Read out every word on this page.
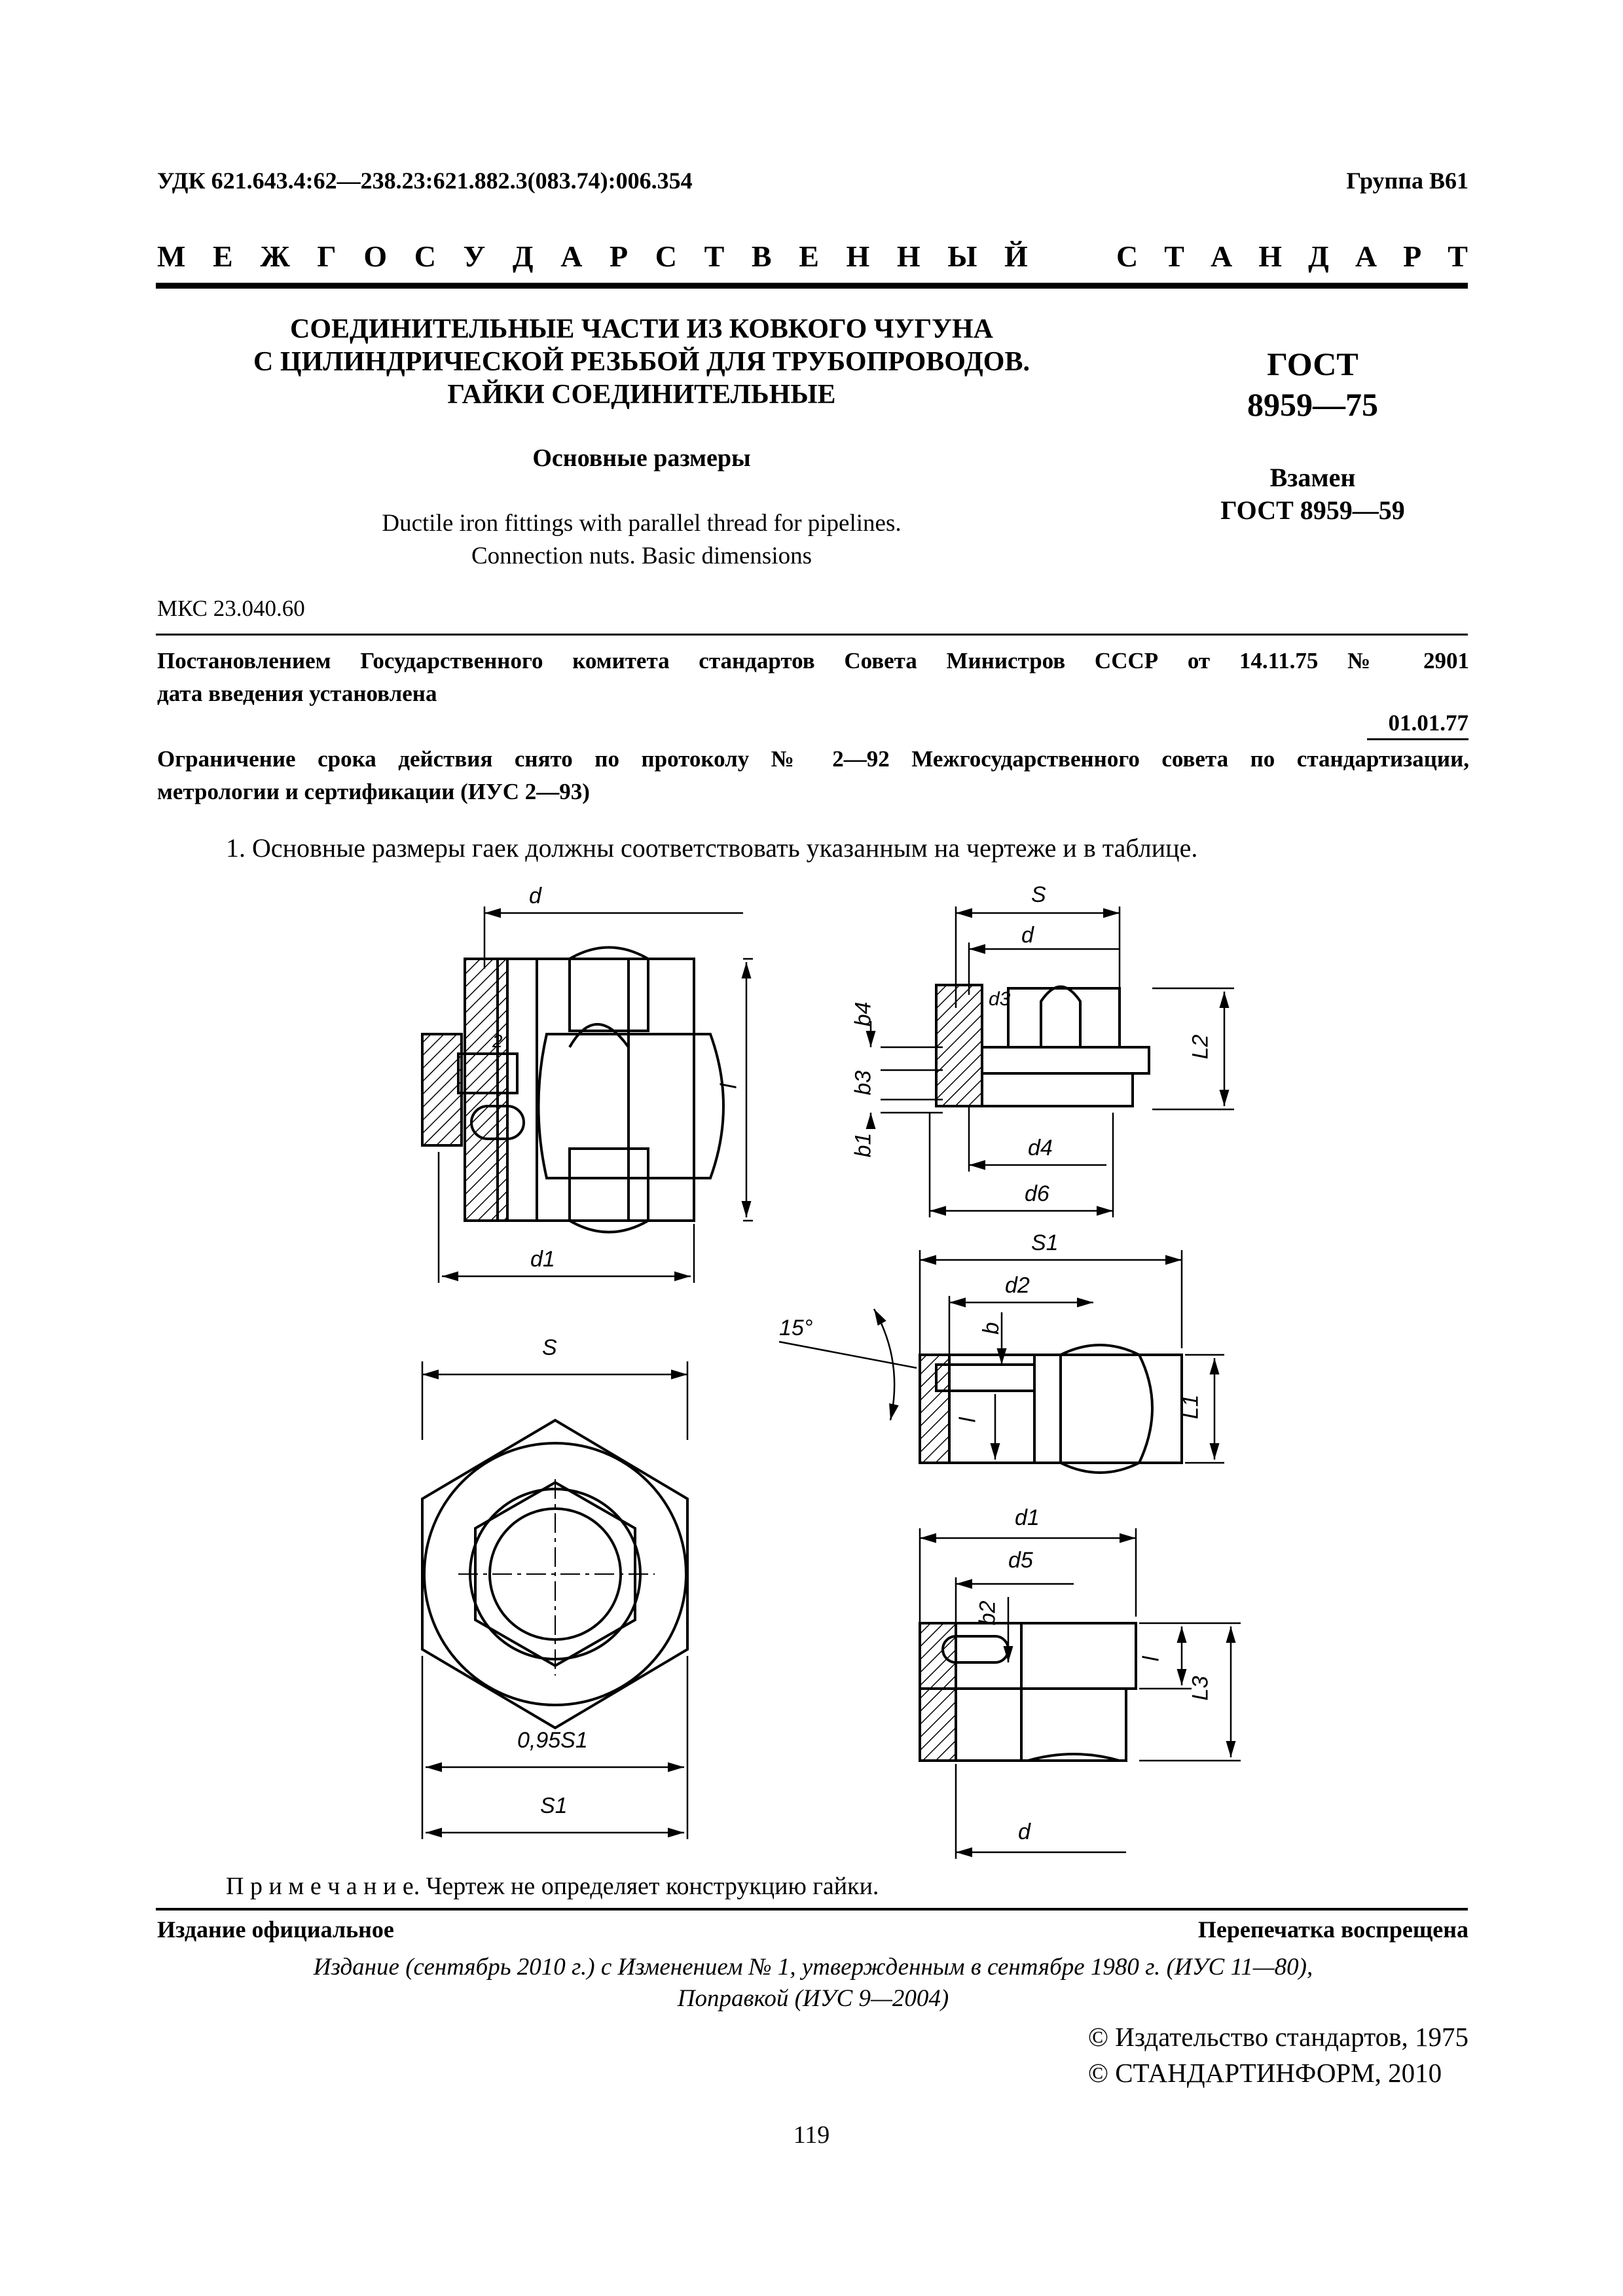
УДК 621.643.4:62—238.23:621.882.3(083.74):006.354	Группа В61
М Е Ж Г О С У Д А Р С Т В Е Н Н Ы Й	С Т А Н Д А Р Т
СОЕДИНИТЕЛЬНЫЕ ЧАСТИ ИЗ КОВКОГО ЧУГУНА
С ЦИЛИНДРИЧЕСКОЙ РЕЗЬБОЙ ДЛЯ ТРУБОПРОВОДОВ.
ГАЙКИ СОЕДИНИТЕЛЬНЫЕ
Основные размеры
Ductile iron fittings with parallel thread for pipelines.
Connection nuts. Basic dimensions
ГОСТ
8959—75
Взамен
ГОСТ 8959—59
МКС 23.040.60
Постановлением Государственного комитета стандартов Совета Министров СССР от 14.11.75 № 2901
дата введения установлена
01.01.77
Ограничение срока действия снято по протоколу № 2—92 Межгосударственного совета по стандартизации,
метрологии и сертификации (ИУС 2—93)
1. Основные размеры гаек должны соответствовать указанным на чертеже и в таблице.
d
l
2
d1
S
d
b4
d3
b3
L2
b1	d4
d6
S1
d2
15°	b
l
L1
S
0,95S1
S1
d1
d5
b2
l
L3
d
П р и м е ч а н и е. Чертеж не определяет конструкцию гайки.
Издание официальное	Перепечатка воспрещена
Издание (сентябрь 2010 г.) с Изменением № 1, утвержденным в сентябре 1980 г. (ИУС 11—80),
Поправкой (ИУС 9—2004)
© Издательство стандартов, 1975
© СТАНДАРТИНФОРМ, 2010
119
